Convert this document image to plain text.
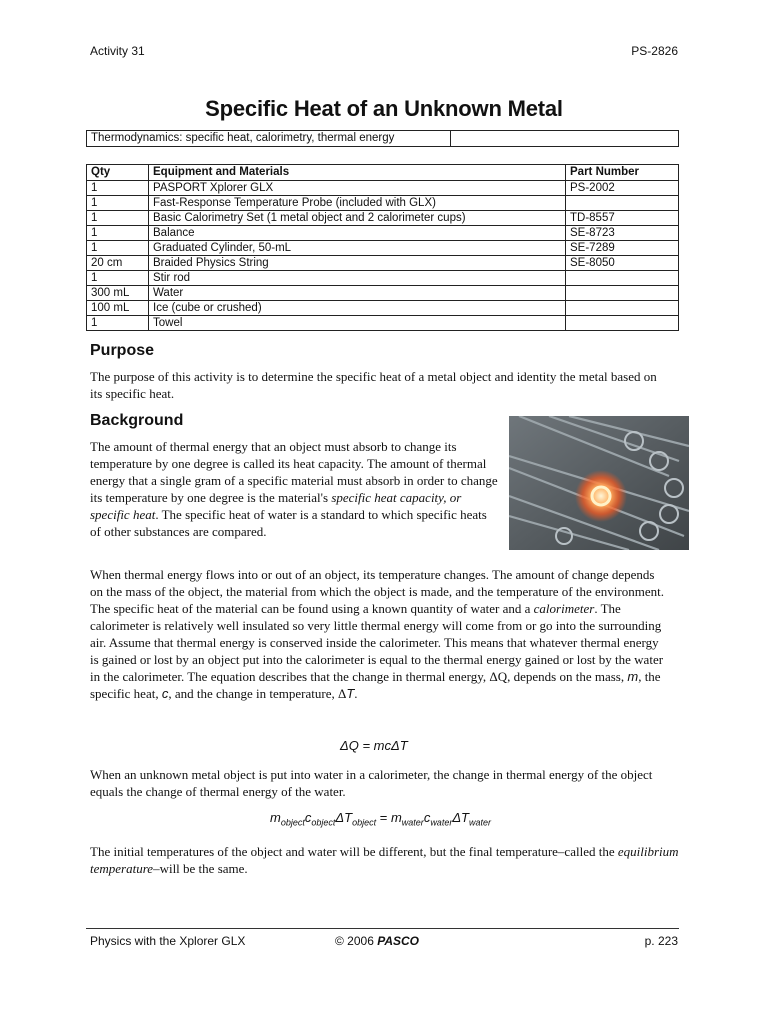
Activity 31	PS-2826
Specific Heat of an Unknown Metal
Thermodynamics: specific heat, calorimetry, thermal energy	
Qty	Equipment and Materials	Part Number
1	PASPORT Xplorer GLX	PS-2002
1	Fast-Response Temperature Probe (included with GLX)	
1	Basic Calorimetry Set (1 metal object and 2 calorimeter cups)	TD-8557
1	Balance	SE-8723
1	Graduated Cylinder, 50-mL	SE-7289
20 cm	Braided Physics String	SE-8050
1	Stir rod	
300 mL	Water	
100 mL	Ice (cube or crushed)	
1	Towel	
Purpose
The purpose of this activity is to determine the specific heat of a metal object and identity the metal based on its specific heat.
Background
The amount of thermal energy that an object must absorb to change its temperature by one degree is called its heat capacity. The amount of thermal energy that a single gram of a specific material must absorb in order to change its temperature by one degree is the material's specific heat capacity, or specific heat. The specific heat of water is a standard to which specific heats of other substances are compared.
When thermal energy flows into or out of an object, its temperature changes. The amount of change depends on the mass of the object, the material from which the object is made, and the temperature of the environment. The specific heat of the material can be found using a known quantity of water and a calorimeter. The calorimeter is relatively well insulated so very little thermal energy will come from or go into the surrounding air. Assume that thermal energy is conserved inside the calorimeter. This means that whatever thermal energy is gained or lost by an object put into the calorimeter is equal to the thermal energy gained or lost by the water in the calorimeter. The equation describes that the change in thermal energy, ΔQ, depends on the mass, m, the specific heat, c, and the change in temperature, ΔT.
ΔQ = mcΔT
When an unknown metal object is put into water in a calorimeter, the change in thermal energy of the object equals the change of thermal energy of the water.
$m_{object}c_{object}\Delta T_{object} = m_{water}c_{water}\Delta T_{water}$
The initial temperatures of the object and water will be different, but the final temperature–called the equilibrium temperature–will be the same.
Physics with the Xplorer GLX	© 2006 PASCO	p. 223
